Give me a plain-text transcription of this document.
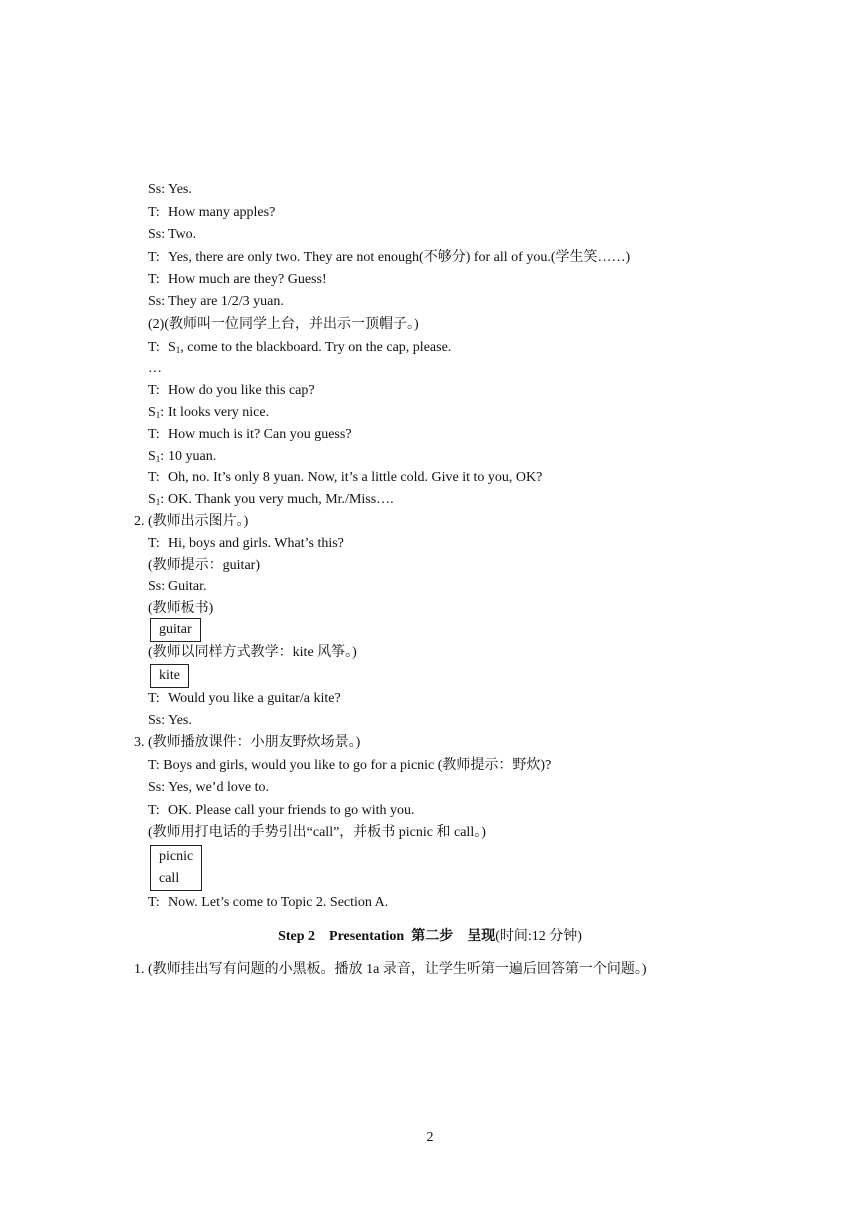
Ss: Yes.
T: How many apples?
Ss: Two.
T: Yes, there are only two. They are not enough(不够分) for all of you.(学生笑……)
T: How much are they? Guess!
Ss: They are 1/2/3 yuan.
(2)(教师叫一位同学上台，并出示一顶帽子。)
T: $S_1$, come to the blackboard. Try on the cap, please.
…
T: How do you like this cap?
$S_1$: It looks very nice.
T: How much is it? Can you guess?
$S_1$: 10 yuan.
T: Oh, no. It’s only 8 yuan. Now, it’s a little cold. Give it to you, OK?
$S_1$: OK. Thank you very much, Mr./Miss….
2. (教师出示图片。)
T: Hi, boys and girls. What’s this?
(教师提示：guitar)
Ss: Guitar.
(教师板书)
guitar
(教师以同样方式教学：kite 风筝。)
kite
T: Would you like a guitar/a kite?
Ss: Yes.
3. (教师播放课件：小朋友野炊场景。)
T: Boys and girls, would you like to go for a picnic (教师提示：野炊)?
Ss: Yes, we’d love to.
T: OK. Please call your friends to go with you.
(教师用打电话的手势引出“call”，并板书 picnic 和 call。)
picnic
call
T: Now. Let’s come to Topic 2. Section A.
Step 2 Presentation 第二步 呈现(时间:12 分钟)
1. (教师挂出写有问题的小黑板。播放 1a 录音，让学生听第一遍后回答第一个问题。)
2
